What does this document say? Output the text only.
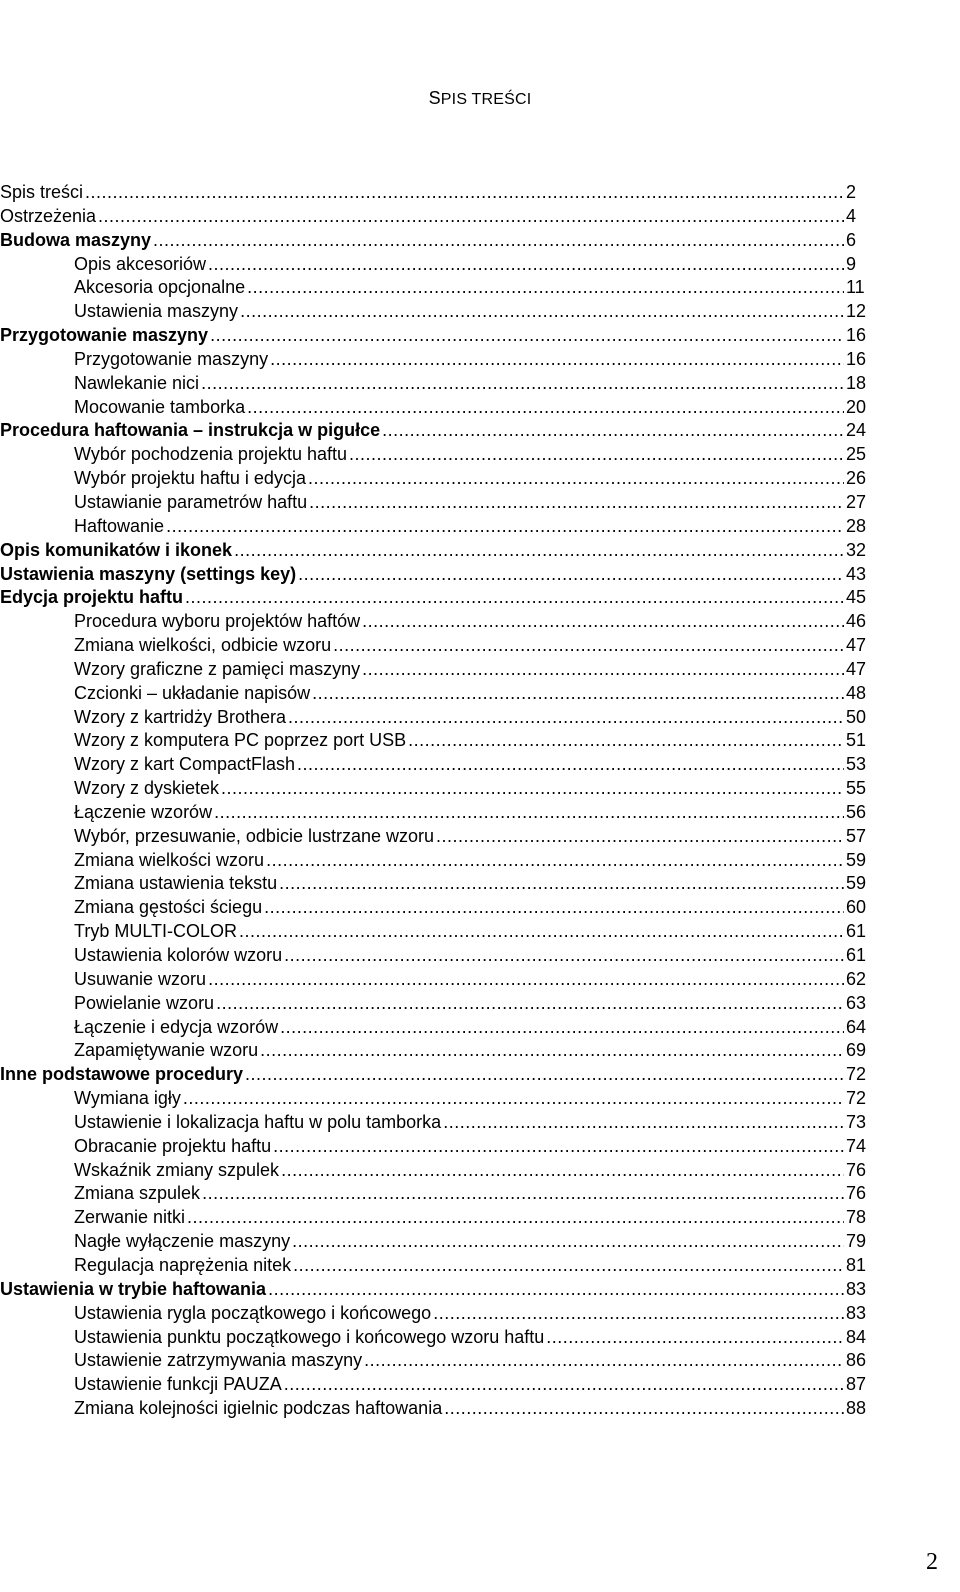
SPIS TREŚCI
Spis treści .....	2
Ostrzeżenia .....	4
Budowa maszyny .....	6
Opis akcesoriów .....	9
Akcesoria opcjonalne .....	11
Ustawienia maszyny .....	12
Przygotowanie maszyny .....	16
Przygotowanie maszyny .....	16
Nawlekanie nici .....	18
Mocowanie tamborka .....	20
Procedura haftowania – instrukcja w pigułce .....	24
Wybór pochodzenia projektu haftu .....	25
Wybór projektu haftu i edycja .....	26
Ustawianie parametrów haftu .....	27
Haftowanie .....	28
Opis komunikatów i ikonek .....	32
Ustawienia maszyny (settings key) .....	43
Edycja projektu haftu .....	45
Procedura wyboru projektów haftów .....	46
Zmiana wielkości, odbicie wzoru .....	47
Wzory graficzne z pamięci maszyny .....	47
Czcionki – układanie napisów .....	48
Wzory z kartridży Brothera .....	50
Wzory z komputera PC poprzez port USB .....	51
Wzory z kart CompactFlash .....	53
Wzory z dyskietek .....	55
Łączenie wzorów .....	56
Wybór, przesuwanie, odbicie lustrzane wzoru .....	57
Zmiana wielkości wzoru .....	59
Zmiana ustawienia tekstu .....	59
Zmiana gęstości ściegu .....	60
Tryb MULTI-COLOR .....	61
Ustawienia kolorów wzoru .....	61
Usuwanie wzoru .....	62
Powielanie wzoru .....	63
Łączenie i edycja wzorów .....	64
Zapamiętywanie wzoru .....	69
Inne podstawowe procedury .....	72
Wymiana igły .....	72
Ustawienie i lokalizacja haftu w polu tamborka .....	73
Obracanie projektu haftu .....	74
Wskaźnik zmiany szpulek .....	76
Zmiana szpulek .....	76
Zerwanie nitki .....	78
Nagłe wyłączenie maszyny .....	79
Regulacja naprężenia nitek .....	81
Ustawienia w trybie haftowania .....	83
Ustawienia rygla początkowego i końcowego .....	83
Ustawienia punktu początkowego i końcowego wzoru haftu .....	84
Ustawienie zatrzymywania maszyny .....	86
Ustawienie funkcji PAUZA .....	87
Zmiana kolejności igielnic podczas haftowania .....	88
2
